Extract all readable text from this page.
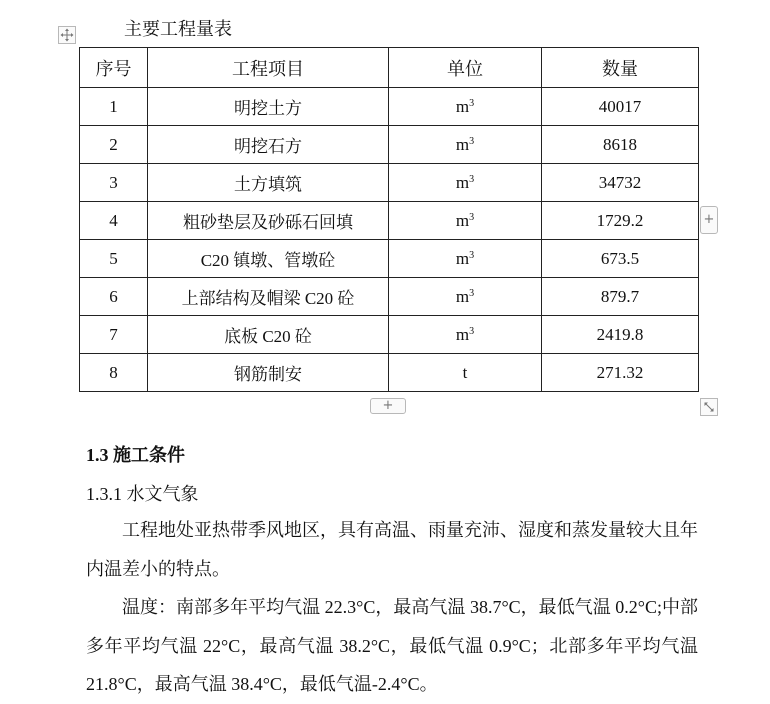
主要工程量表
序号	工程项目	单位	数量
1	明挖土方	$m^3$	40017
2	明挖石方	$m^3$	8618
3	土方填筑	$m^3$	34732
4	粗砂垫层及砂砾石回填	$m^3$	1729.2
5	C20 镇墩、管墩砼	$m^3$	673.5
6	上部结构及帽梁 C20 砼	$m^3$	879.7
7	底板 C20 砼	$m^3$	2419.8
8	钢筋制安	t	271.32
+
+
1.3 施工条件
1.3.1 水文气象

工程地处亚热带季风地区，具有高温、雨量充沛、湿度和蒸发量较大且年内温差小的特点。

温度：南部多年平均气温 22.3°C，最高气温 38.7°C，最低气温 0.2°C;中部多年平均气温 22°C，最高气温 38.2°C，最低气温 0.9°C；北部多年平均气温 21.8°C，最高气温 38.4°C，最低气温-2.4°C。
